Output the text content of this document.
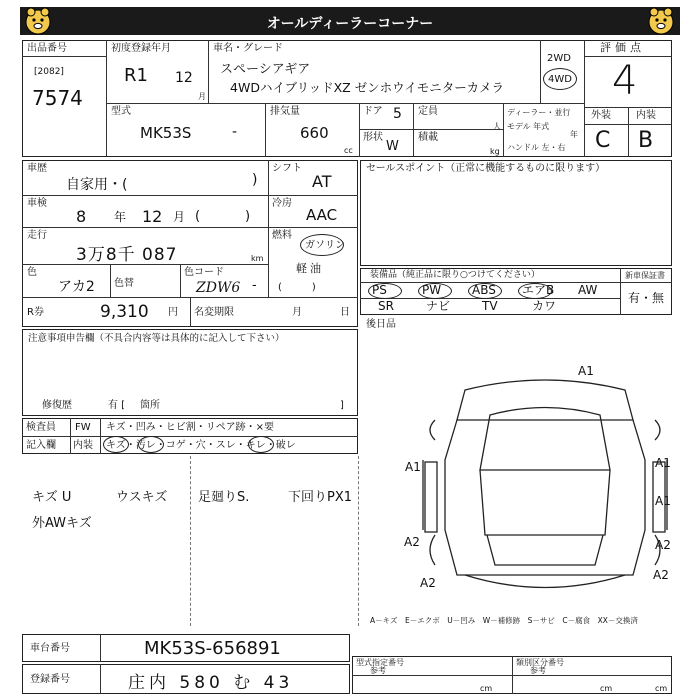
オールディーラーコーナー
出品番号
[2082]
7574
初度登録年月
R1 12
月
車名・グレード
スペーシアギア
4WDハイブリッドXZ ゼンホウイモニターカメラ
2WD
4WD
評価点
4
外装	内装
C B
型式
MK53S	-
排気量
660
cc
ドア 5
形状
W
定員
人
積載
kg
ディーラー・並行
モデル 年式
年
ハンドル 左・右
車歴
自家用・(	)
シフト
AT
車検
8 年 12 月 (	)
冷房
AAC
走行
3万8千 087	km
燃料
ガソリン
軽油
(　　　)
色
アカ2 色替
色コード
ZDW6 -
R券	9,310 円 名変期限	月	日
注意事項申告欄（不具合内容等は具体的に記入して下さい）
修復歴	有 [ 箇所	]
セールスポイント（正常に機能するものに限ります）
装備品（純正品に限り○つけてください）	新車保証書
有・無
PS	PW	ABS エアB AW
SR	ナビ	TV	カワ
後日品
検査員 FW キズ・凹み・ヒビ割・リペア跡・×要
記入欄 内装 キズ・汚レ・コゲ・穴・スレ・キレ・破レ
キズ U	ウスキズ 足廻りS.	下回りPX1
外AWキズ
A1
A1
A2
A1
A1
A2
A2
A2
A－キズ　E－エクボ　U－凹み　W－補修跡　S－サビ　C－腐食　XX－交換済
車台番号	MK53S-656891
登録番号	庄内 580 む 43
型式指定番号
参考
類別区分番号
参考
cm	cm	cm
